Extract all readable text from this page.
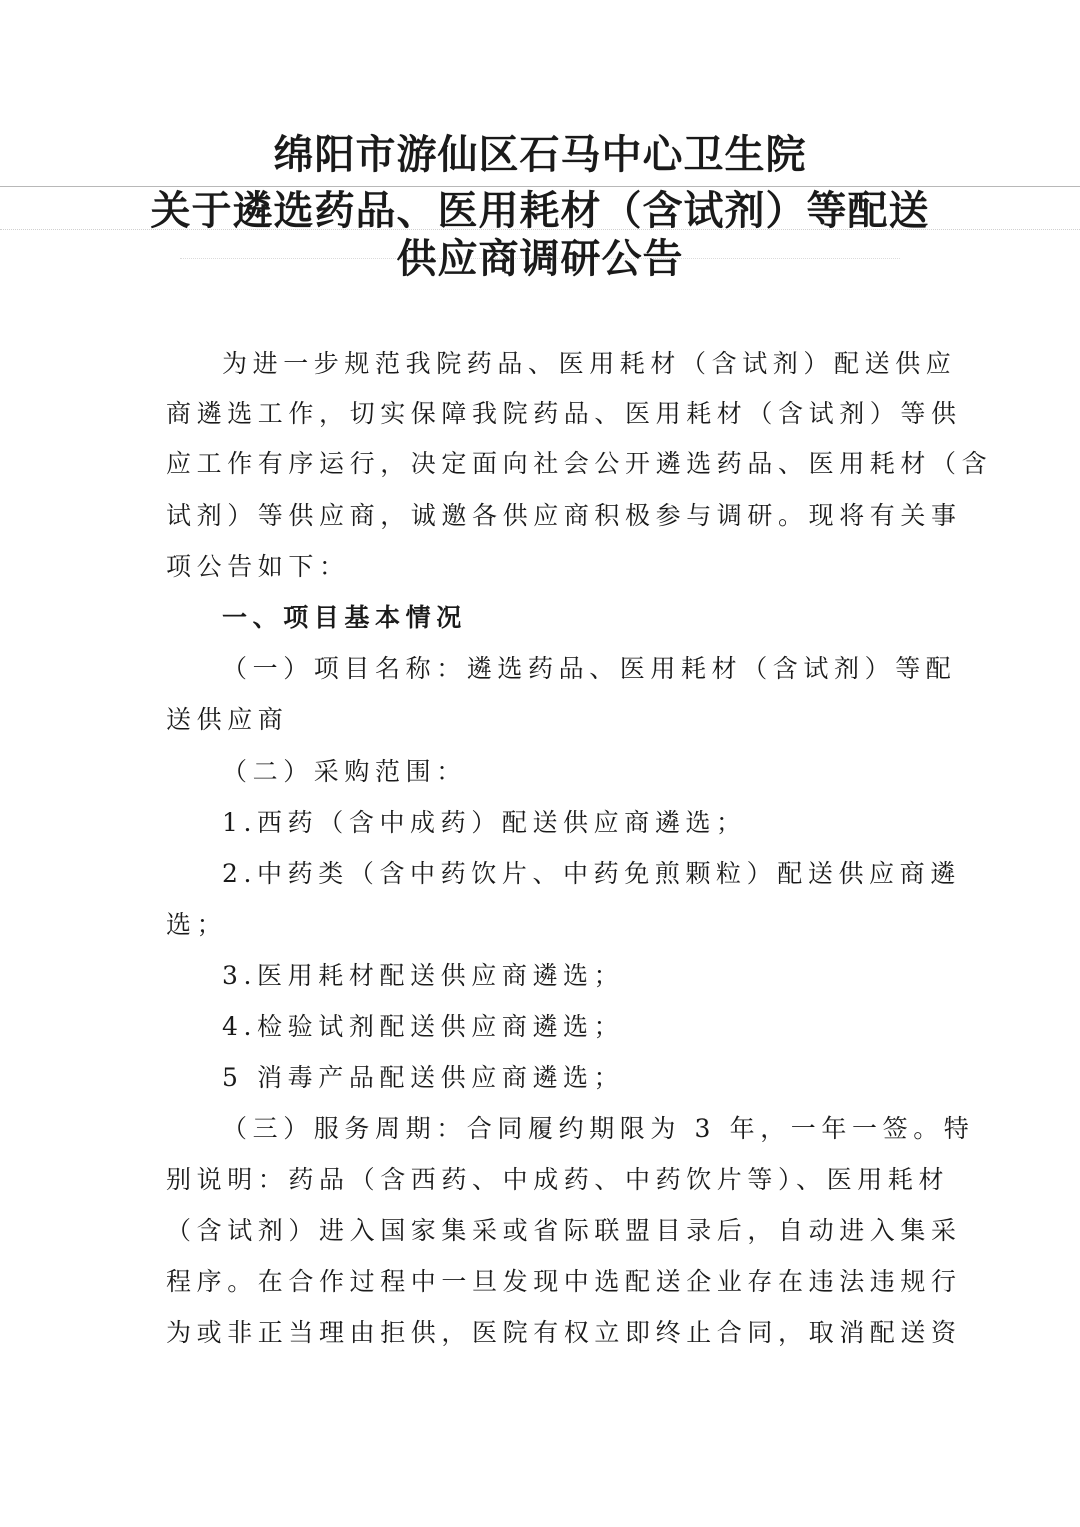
绵阳市游仙区石马中心卫生院
关于遴选药品、医用耗材（含试剂）等配送
供应商调研公告
为进一步规范我院药品、医用耗材（含试剂）配送供应
商遴选工作，切实保障我院药品、医用耗材（含试剂）等供
应工作有序运行，决定面向社会公开遴选药品、医用耗材（含
试剂）等供应商，诚邀各供应商积极参与调研。现将有关事
项公告如下：
一、项目基本情况
（一）项目名称：遴选药品、医用耗材（含试剂）等配
送供应商
（二）采购范围：
1.西药（含中成药）配送供应商遴选；
2.中药类（含中药饮片、中药免煎颗粒）配送供应商遴
选；
3.医用耗材配送供应商遴选；
4.检验试剂配送供应商遴选；
5 消毒产品配送供应商遴选；
（三）服务周期：合同履约期限为 3 年，一年一签。特
别说明：药品（含西药、中成药、中药饮片等）、医用耗材
（含试剂）进入国家集采或省际联盟目录后，自动进入集采
程序。在合作过程中一旦发现中选配送企业存在违法违规行
为或非正当理由拒供，医院有权立即终止合同，取消配送资
